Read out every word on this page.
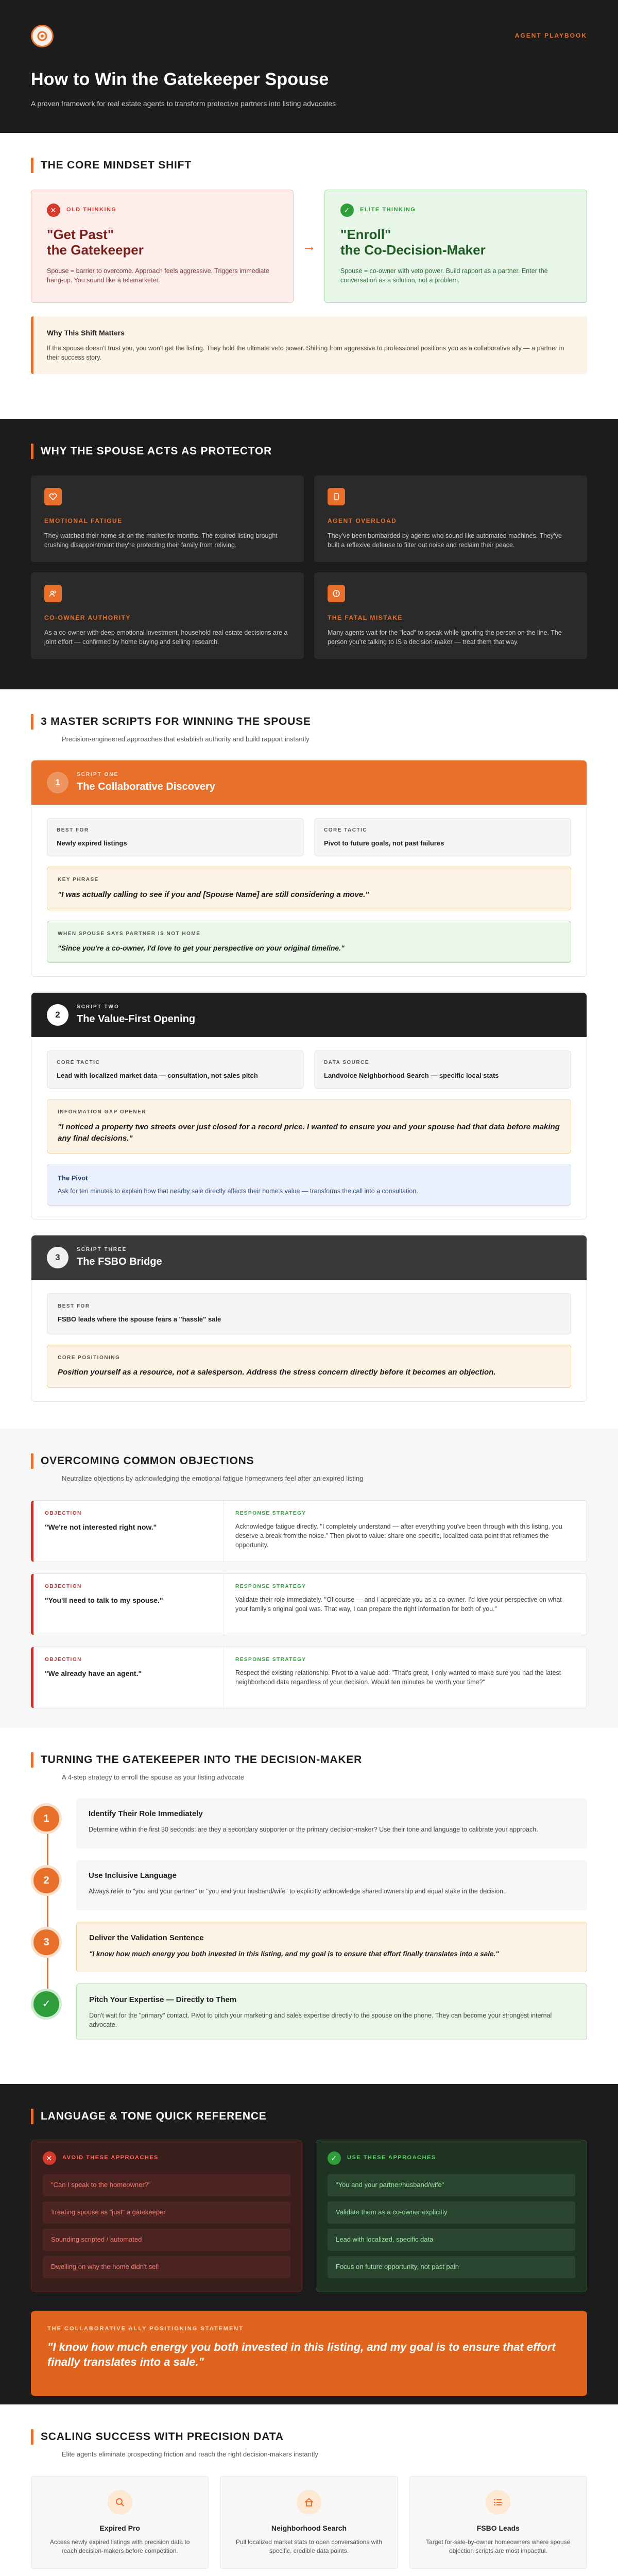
AGENT PLAYBOOK
How to Win the Gatekeeper Spouse

A proven framework for real estate agents to transform protective partners into listing advocates

THE CORE MINDSET SHIFT
✕	OLD THINKING
"Get Past"
the Gatekeeper
Spouse = barrier to overcome. Approach feels aggressive. Triggers immediate hang-up. You sound like a telemarketer.
→
✓	ELITE THINKING
"Enroll"
the Co-Decision-Maker
Spouse = co-owner with veto power. Build rapport as a partner. Enter the conversation as a solution, not a problem.
Why This Shift Matters

If the spouse doesn't trust you, you won't get the listing. They hold the ultimate veto power. Shifting from aggressive to professional positions you as a collaborative ally — a partner in their success story.

WHY THE SPOUSE ACTS AS PROTECTOR
EMOTIONAL FATIGUE
They watched their home sit on the market for months. The expired listing brought crushing disappointment they're protecting their family from reliving.
AGENT OVERLOAD
They've been bombarded by agents who sound like automated machines. They've built a reflexive defense to filter out noise and reclaim their peace.
CO-OWNER AUTHORITY
As a co-owner with deep emotional investment, household real estate decisions are a joint effort — confirmed by home buying and selling research.
THE FATAL MISTAKE
Many agents wait for the "lead" to speak while ignoring the person on the line. The person you're talking to IS a decision-maker — treat them that way.
3 MASTER SCRIPTS FOR WINNING THE SPOUSE

Precision-engineered approaches that establish authority and build rapport instantly

1
SCRIPT ONE
The Collaborative Discovery
BEST FOR
Newly expired listings
CORE TACTIC
Pivot to future goals, not past failures
KEY PHRASE
"I was actually calling to see if you and [Spouse Name] are still considering a move."
WHEN SPOUSE SAYS PARTNER IS NOT HOME
"Since you're a co-owner, I'd love to get your perspective on your original timeline."
2
SCRIPT TWO
The Value-First Opening
CORE TACTIC
Lead with localized market data — consultation, not sales pitch
DATA SOURCE
Landvoice Neighborhood Search — specific local stats
INFORMATION GAP OPENER
"I noticed a property two streets over just closed for a record price. I wanted to ensure you and your spouse had that data before making any final decisions."
The Pivot
Ask for ten minutes to explain how that nearby sale directly affects their home's value — transforms the call into a consultation.
3
SCRIPT THREE
The FSBO Bridge
BEST FOR
FSBO leads where the spouse fears a "hassle" sale
CORE POSITIONING
Position yourself as a resource, not a salesperson. Address the stress concern directly before it becomes an objection.
OVERCOMING COMMON OBJECTIONS

Neutralize objections by acknowledging the emotional fatigue homeowners feel after an expired listing

OBJECTION
"We're not interested right now."
RESPONSE STRATEGY
Acknowledge fatigue directly. "I completely understand — after everything you've been through with this listing, you deserve a break from the noise." Then pivot to value: share one specific, localized data point that reframes the opportunity.
OBJECTION
"You'll need to talk to my spouse."
RESPONSE STRATEGY
Validate their role immediately. "Of course — and I appreciate you as a co-owner. I'd love your perspective on what your family's original goal was. That way, I can prepare the right information for both of you."
OBJECTION
"We already have an agent."
RESPONSE STRATEGY
Respect the existing relationship. Pivot to a value add: "That's great, I only wanted to make sure you had the latest neighborhood data regardless of your decision. Would ten minutes be worth your time?"
TURNING THE GATEKEEPER INTO THE DECISION-MAKER

A 4-step strategy to enroll the spouse as your listing advocate

1	Identify Their Role Immediately

Determine within the first 30 seconds: are they a secondary supporter or the primary decision-maker? Use their tone and language to calibrate your approach.

2	Use Inclusive Language

Always refer to "you and your partner" or "you and your husband/wife" to explicitly acknowledge shared ownership and equal stake in the decision.

3	Deliver the Validation Sentence

"I know how much energy you both invested in this listing, and my goal is to ensure that effort finally translates into a sale."

✓	Pitch Your Expertise — Directly to Them

Don't wait for the "primary" contact. Pivot to pitch your marketing and sales expertise directly to the spouse on the phone. They can become your strongest internal advocate.

LANGUAGE & TONE QUICK REFERENCE
✕	AVOID THESE APPROACHES
"Can I speak to the homeowner?"
Treating spouse as "just" a gatekeeper
Sounding scripted / automated
Dwelling on why the home didn't sell
✓	USE THESE APPROACHES
"You and your partner/husband/wife"
Validate them as a co-owner explicitly
Lead with localized, specific data
Focus on future opportunity, not past pain
THE COLLABORATIVE ALLY POSITIONING STATEMENT
"I know how much energy you both invested in this listing, and my goal is to ensure that effort finally translates into a sale."
SCALING SUCCESS WITH PRECISION DATA

Elite agents eliminate prospecting friction and reach the right decision-makers instantly

Expired Pro

Access newly expired listings with precision data to reach decision-makers before competition.

Neighborhood Search

Pull localized market stats to open conversations with specific, credible data points.

FSBO Leads

Target for-sale-by-owner homeowners where spouse objection scripts are most impactful.
